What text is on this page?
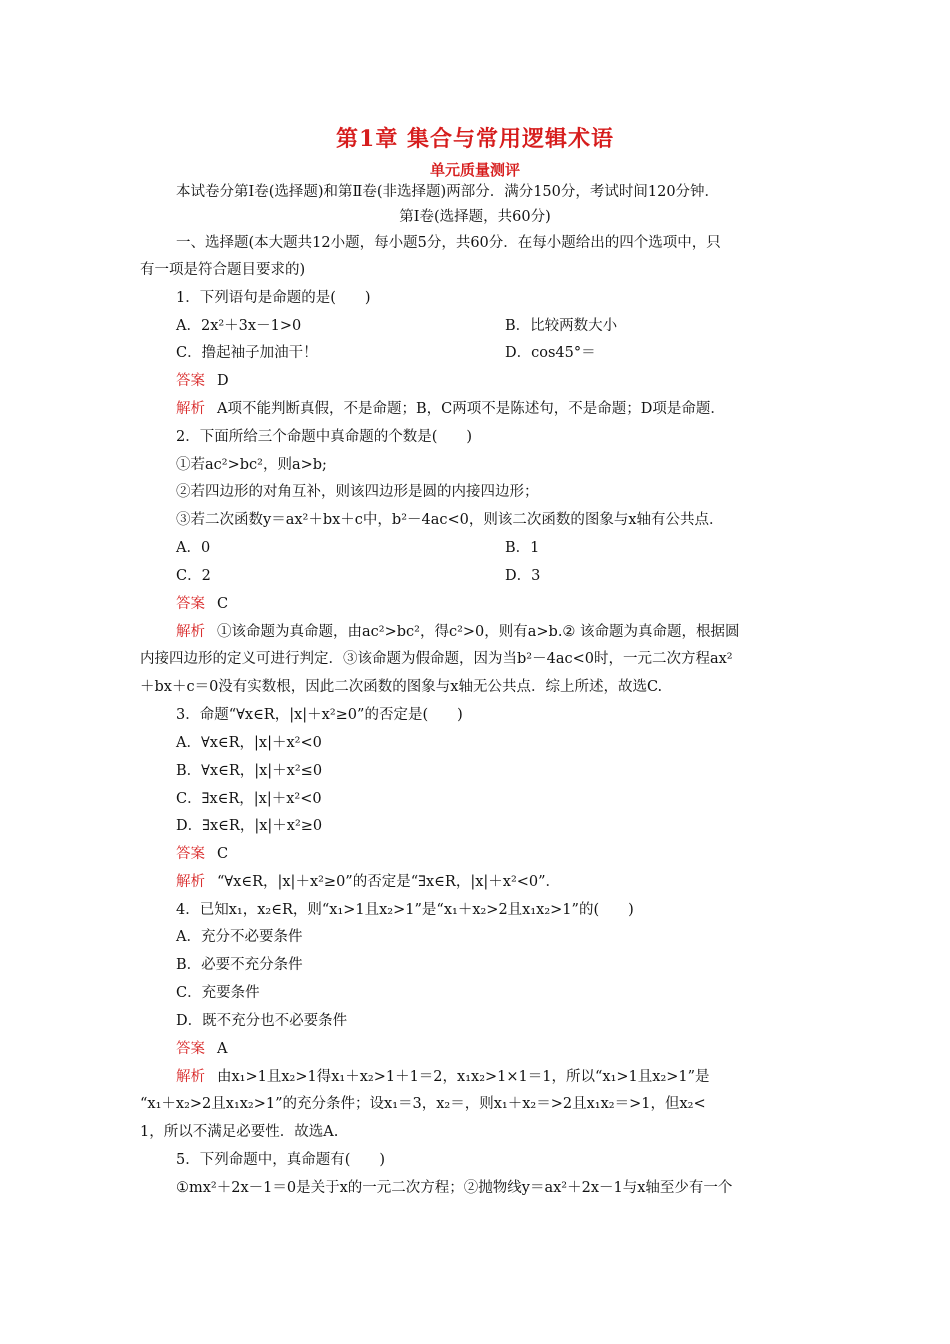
第1章 集合与常用逻辑术语
单元质量测评
本试卷分第Ⅰ卷(选择题)和第Ⅱ卷(非选择题)两部分．满分150分，考试时间120分钟．
第Ⅰ卷(选择题，共60分)
一、选择题(本大题共12小题，每小题5分，共60分．在每小题给出的四个选项中，只
有一项是符合题目要求的)
1．下列语句是命题的是(　　)
A．2x²＋3x－1>0	B．比较两数大小
C．撸起袖子加油干！	D．cos45°＝
答案 D
解析 A项不能判断真假，不是命题；B，C两项不是陈述句，不是命题；D项是命题．
2．下面所给三个命题中真命题的个数是(　　)
①若ac²>bc²，则a>b;
②若四边形的对角互补，则该四边形是圆的内接四边形；
③若二次函数y＝ax²＋bx＋c中，b²－4ac<0，则该二次函数的图象与x轴有公共点．
A．0	B．1
C．2	D．3
答案 C
解析 ①该命题为真命题，由ac²>bc²，得c²>0，则有a>b.② 该命题为真命题，根据圆
内接四边形的定义可进行判定．③该命题为假命题，因为当b²－4ac<0时，一元二次方程ax²
＋bx＋c＝0没有实数根，因此二次函数的图象与x轴无公共点．综上所述，故选C.
3．命题“∀x∈R，|x|＋x²≥0”的否定是(　　)
A．∀x∈R，|x|＋x²<0
B．∀x∈R，|x|＋x²≤0
C．∃x∈R，|x|＋x²<0
D．∃x∈R，|x|＋x²≥0
答案 C
解析 “∀x∈R，|x|＋x²≥0”的否定是“∃x∈R，|x|＋x²<0”．
4．已知x₁，x₂∈R，则“x₁>1且x₂>1”是“x₁＋x₂>2且x₁x₂>1”的(　　)
A．充分不必要条件
B．必要不充分条件
C．充要条件
D．既不充分也不必要条件
答案 A
解析 由x₁>1且x₂>1得x₁＋x₂>1＋1＝2，x₁x₂>1×1＝1，所以“x₁>1且x₂>1”是
“x₁＋x₂>2且x₁x₂>1”的充分条件；设x₁＝3，x₂＝，则x₁＋x₂＝>2且x₁x₂＝>1，但x₂<
1，所以不满足必要性．故选A.
5．下列命题中，真命题有(　　)
①mx²＋2x－1＝0是关于x的一元二次方程；②抛物线y＝ax²＋2x－1与x轴至少有一个
